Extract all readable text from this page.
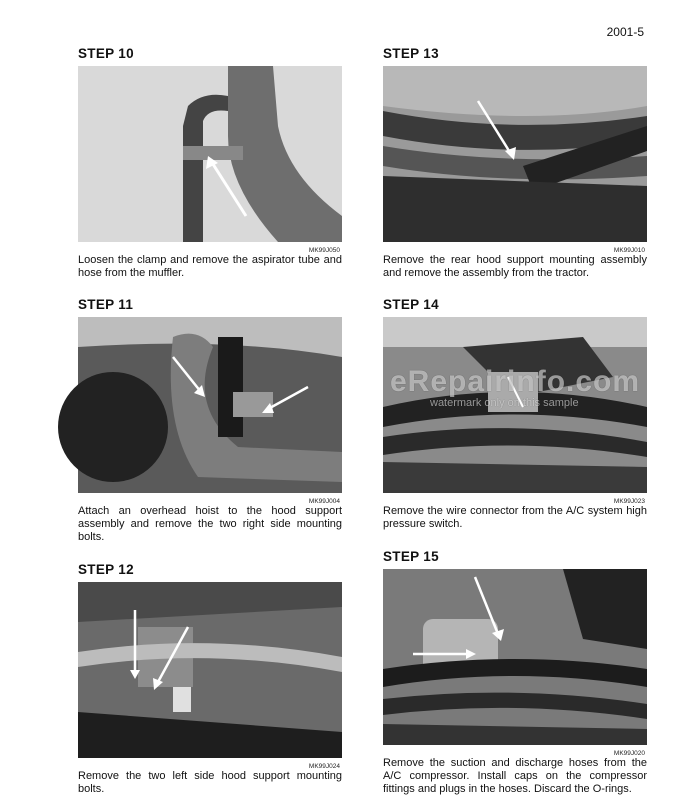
2001-5
STEP 10
MK99J050

Loosen the clamp and remove the aspirator tube and hose from the muffler.

STEP 13
MK99J010

Remove the rear hood support mounting assembly and remove the assembly from the tractor.

STEP 11
MK99J004

Attach an overhead hoist to the hood support assembly and remove the two right side mounting bolts.

STEP 14
MK99J023

Remove the wire connector from the A/C system high pressure switch.

STEP 12
MK99J024

Remove the two left side hood support mounting bolts.

STEP 15
MK99J020

Remove the suction and discharge hoses from the A/C compressor. Install caps on the compressor fittings and plugs in the hoses. Discard the O-rings.

eRepairinfo.com
watermark only on this sample
